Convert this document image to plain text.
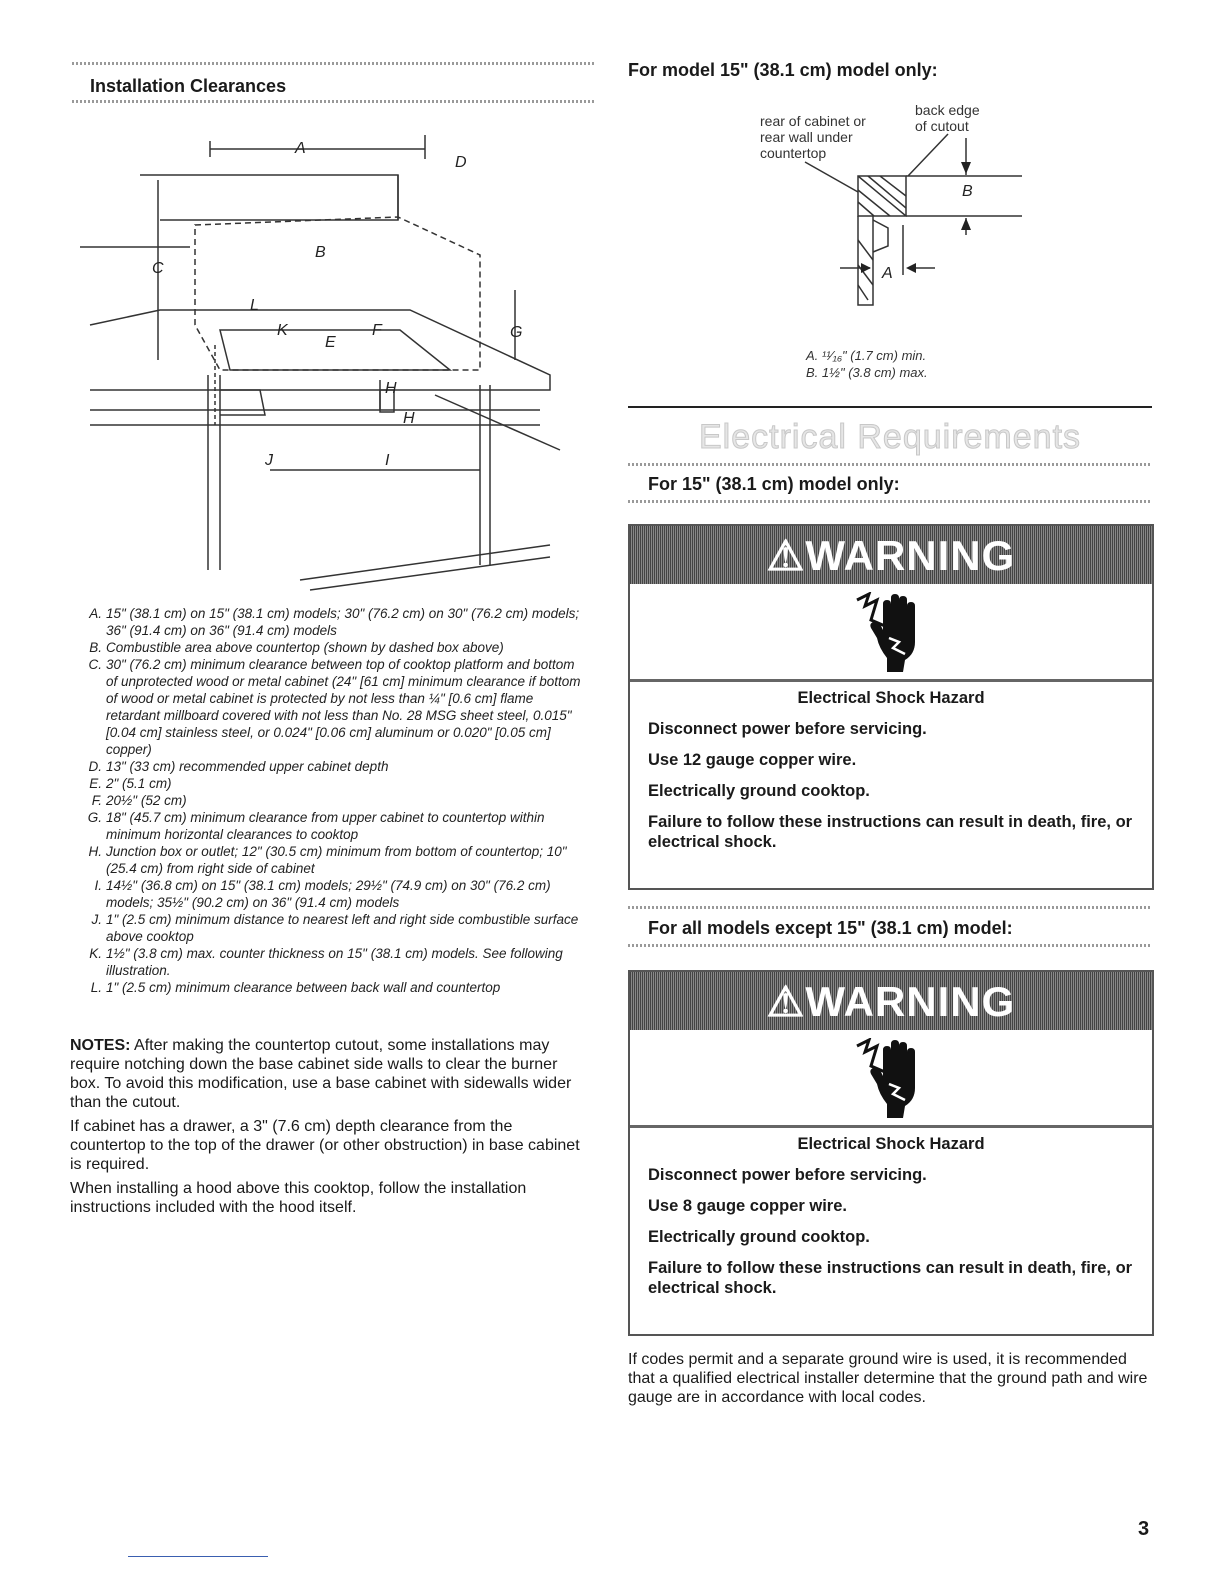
Installation Clearances
A
D
B
C
L
K	F
E
G
H
H
J	I
A. 15" (38.1 cm) on 15" (38.1 cm) models; 30" (76.2 cm) on 30" (76.2 cm) models; 36" (91.4 cm) on 36" (91.4 cm) models
B. Combustible area above countertop (shown by dashed box above)
C. 30" (76.2 cm) minimum clearance between top of cooktop platform and bottom of unprotected wood or metal cabinet (24" [61 cm] minimum clearance if bottom of wood or metal cabinet is protected by not less than ¼" [0.6 cm] flame retardant millboard covered with not less than No. 28 MSG sheet steel, 0.015" [0.04 cm] stainless steel, or 0.024" [0.06 cm] aluminum or 0.020" [0.05 cm] copper)
D. 13" (33 cm) recommended upper cabinet depth
E. 2" (5.1 cm)
F. 20½" (52 cm)
G. 18" (45.7 cm) minimum clearance from upper cabinet to countertop within minimum horizontal clearances to cooktop
H. Junction box or outlet; 12" (30.5 cm) minimum from bottom of countertop; 10" (25.4 cm) from right side of cabinet
I. 14½" (36.8 cm) on 15" (38.1 cm) models; 29½" (74.9 cm) on 30" (76.2 cm) models; 35½" (90.2 cm) on 36" (91.4 cm) models
J. 1" (2.5 cm) minimum distance to nearest left and right side combustible surface above cooktop
K. 1½" (3.8 cm) max. counter thickness on 15" (38.1 cm) models. See following illustration.
L. 1" (2.5 cm) minimum clearance between back wall and countertop

NOTES: After making the countertop cutout, some installations may require notching down the base cabinet side walls to clear the burner box. To avoid this modification, use a base cabinet with sidewalls wider than the cutout.

If cabinet has a drawer, a 3" (7.6 cm) depth clearance from the countertop to the top of the drawer (or other obstruction) in base cabinet is required.

When installing a hood above this cooktop, follow the installation instructions included with the hood itself.

For model 15" (38.1 cm) model only:
rear of cabinet or
rear wall under
countertop
back edge
of cutout
B
A
A. ¹¹⁄₁₆" (1.7 cm) min.
B. 1½" (3.8 cm) max.
Electrical Requirements
For 15" (38.1 cm) model only:
⚠WARNING
Electrical Shock Hazard
Disconnect power before servicing.
Use 12 gauge copper wire.
Electrically ground cooktop.
Failure to follow these instructions can result in death, fire, or electrical shock.
For all models except 15" (38.1 cm) model:
⚠WARNING
Electrical Shock Hazard
Disconnect power before servicing.
Use 8 gauge copper wire.
Electrically ground cooktop.
Failure to follow these instructions can result in death, fire, or electrical shock.
If codes permit and a separate ground wire is used, it is recommended that a qualified electrical installer determine that the ground path and wire gauge are in accordance with local codes.
3
